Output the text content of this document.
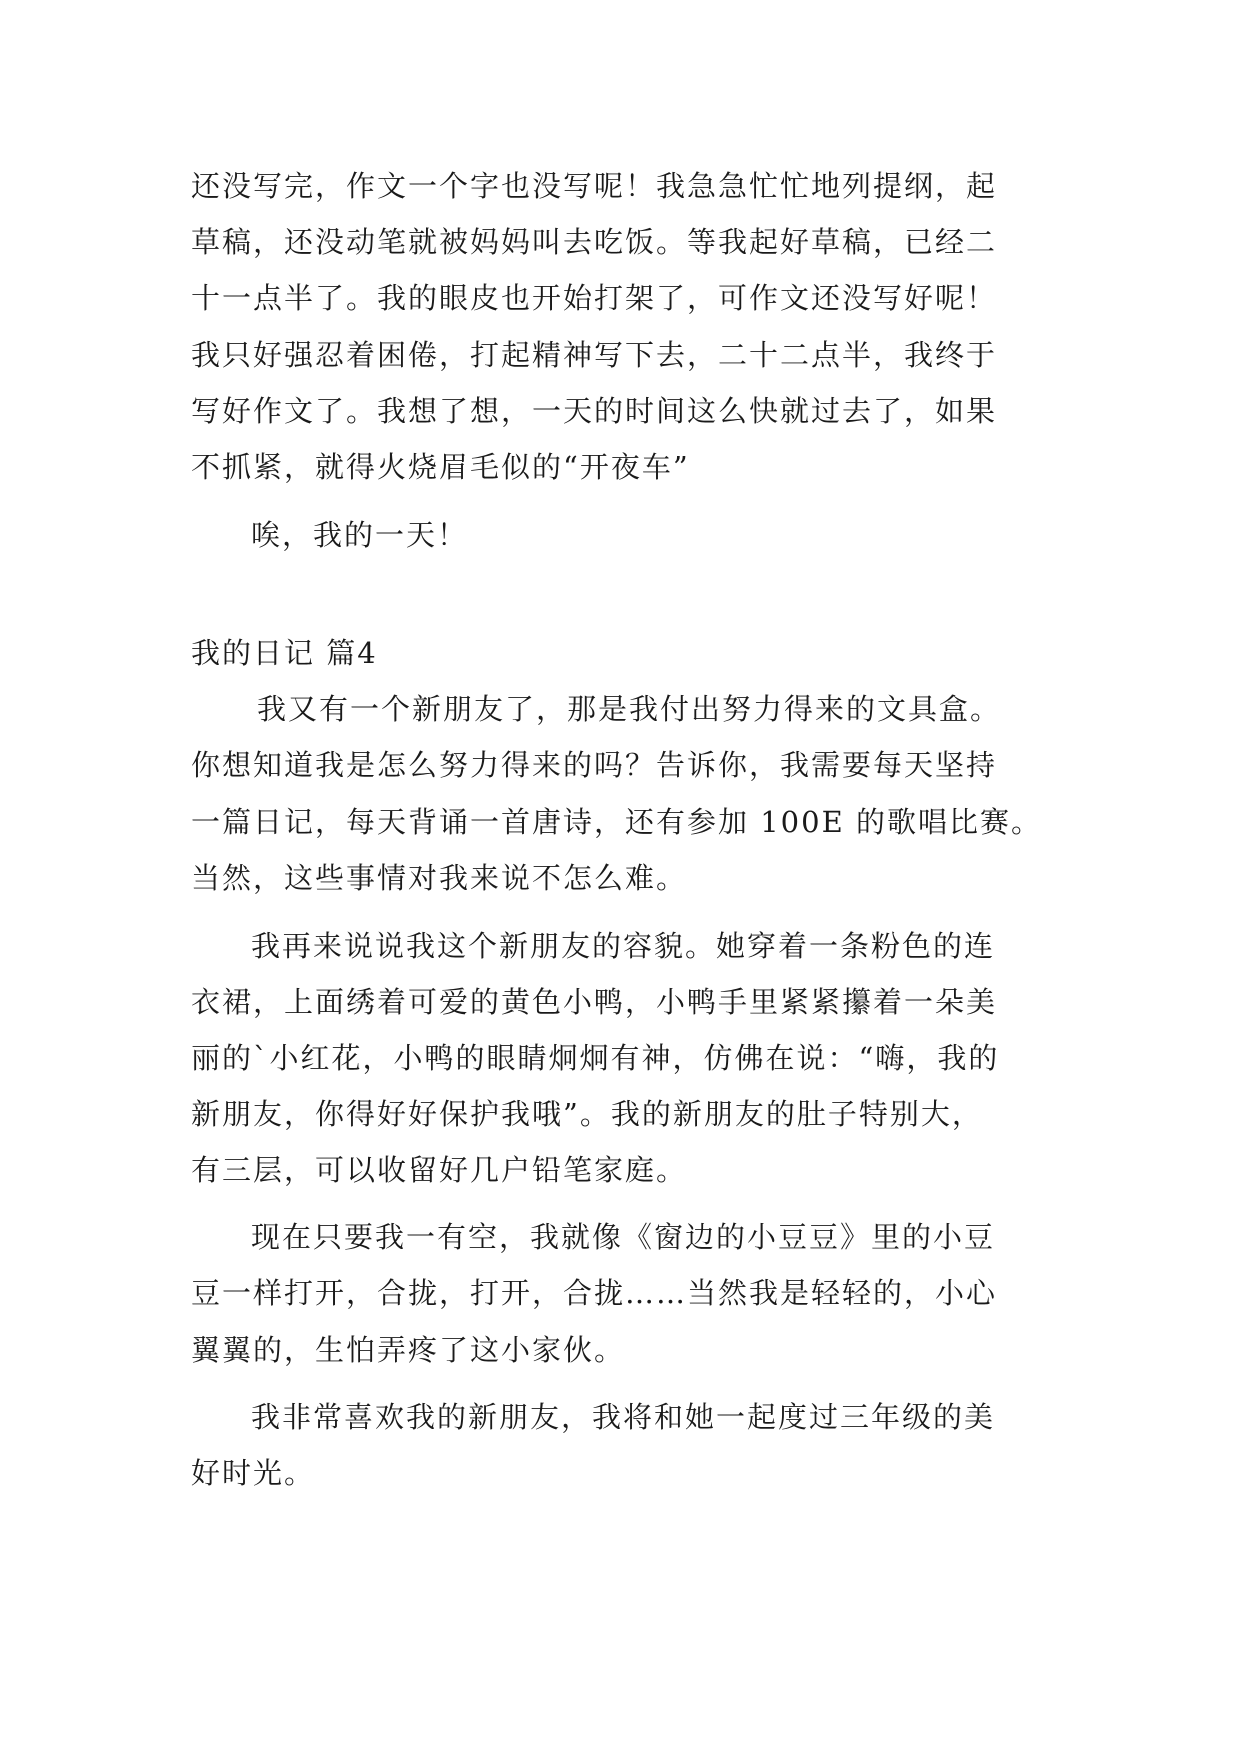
还没写完，作文一个字也没写呢！我急急忙忙地列提纲，起
草稿，还没动笔就被妈妈叫去吃饭。等我起好草稿，已经二
十一点半了。我的眼皮也开始打架了，可作文还没写好呢！
我只好强忍着困倦，打起精神写下去，二十二点半，我终于
写好作文了。我想了想，一天的时间这么快就过去了，如果
不抓紧，就得火烧眉毛似的“开夜车”
唉，我的一天！
我的日记 篇4
我又有一个新朋友了，那是我付出努力得来的文具盒。
你想知道我是怎么努力得来的吗？告诉你，我需要每天坚持
一篇日记，每天背诵一首唐诗，还有参加 100E 的歌唱比赛。
当然，这些事情对我来说不怎么难。
我再来说说我这个新朋友的容貌。她穿着一条粉色的连
衣裙，上面绣着可爱的黄色小鸭，小鸭手里紧紧攥着一朵美
丽的`小红花，小鸭的眼睛炯炯有神，仿佛在说：“嗨，我的
新朋友，你得好好保护我哦”。我的新朋友的肚子特别大，
有三层，可以收留好几户铅笔家庭。
现在只要我一有空，我就像《窗边的小豆豆》里的小豆
豆一样打开，合拢，打开，合拢……当然我是轻轻的，小心
翼翼的，生怕弄疼了这小家伙。
我非常喜欢我的新朋友，我将和她一起度过三年级的美
好时光。
